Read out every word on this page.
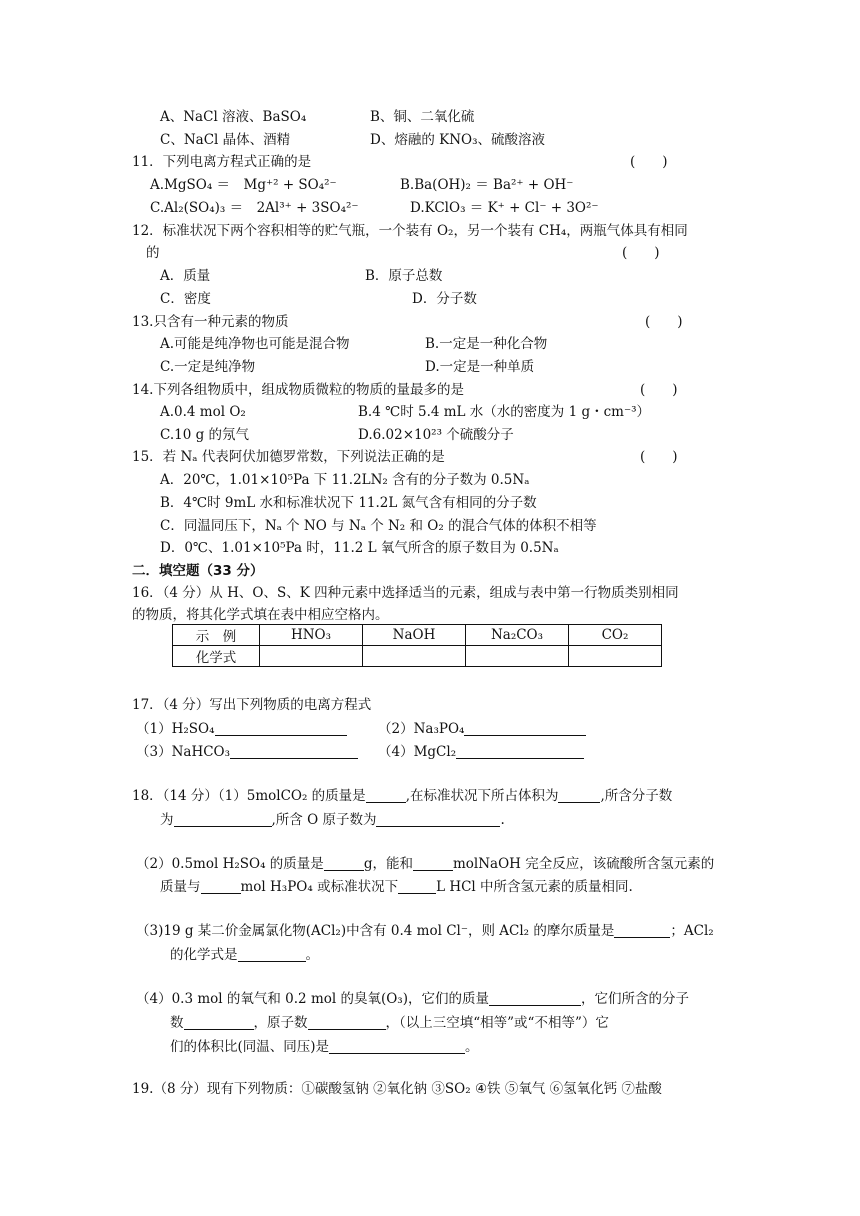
A、NaCl 溶液、BaSO₄	B、铜、二氧化硫
C、NaCl 晶体、酒精	D、熔融的 KNO₃、硫酸溶液
11．下列电离方程式正确的是	(　　)
A.MgSO₄ ＝　Mg⁺² + SO₄²⁻	B.Ba(OH)₂ ＝ Ba²⁺ + OH⁻
C.Al₂(SO₄)₃ ＝　2Al³⁺ + 3SO₄²⁻	D.KClO₃ ＝ K⁺ + Cl⁻ + 3O²⁻
12．标准状况下两个容积相等的贮气瓶，一个装有 O₂，另一个装有 CH₄，两瓶气体具有相同
的	(　　)
A．质量	B．原子总数
C．密度	D．分子数
13.只含有一种元素的物质	(　　)
A.可能是纯净物也可能是混合物	B.一定是一种化合物
C.一定是纯净物	D.一定是一种单质
14.下列各组物质中，组成物质微粒的物质的量最多的是	(　　)
A.0.4 mol O₂	B.4 ℃时 5.4 mL 水（水的密度为 1 g・cm⁻³）
C.10 g 的氖气	D.6.02×10²³ 个硫酸分子
15．若 Nₐ 代表阿伏加德罗常数，下列说法正确的是	(　　)
A．20℃，1.01×10⁵Pa 下 11.2LN₂ 含有的分子数为 0.5Nₐ
B．4℃时 9mL 水和标准状况下 11.2L 氮气含有相同的分子数
C．同温同压下，Nₐ 个 NO 与 Nₐ 个 N₂ 和 O₂ 的混合气体的体积不相等
D．0℃、1.01×10⁵Pa 时，11.2 L 氧气所含的原子数目为 0.5Nₐ
二．填空题（33 分）
16．（4 分）从 H、O、S、K 四种元素中选择适当的元素，组成与表中第一行物质类别相同
的物质，将其化学式填在表中相应空格内。
示　例	HNO₃	NaOH	Na₂CO₃	CO₂
化学式				
17．（4 分）写出下列物质的电离方程式
（1）H₂SO₄	（2）Na₃PO₄
（3）NaHCO₃	（4）MgCl₂
18．（14 分）（1）5molCO₂ 的质量是	,在标准状况下所占体积为	,所含分子数
为	,所含 O 原子数为	.
（2）0.5mol H₂SO₄ 的质量是	g，能和	molNaOH 完全反应，该硫酸所含氢元素的
质量与	mol H₃PO₄ 或标准状况下	L HCl 中所含氢元素的质量相同.
（3)19 g 某二价金属氯化物(ACl₂)中含有 0.4 mol Cl⁻，则 ACl₂ 的摩尔质量是	；ACl₂
的化学式是	。
（4）0.3 mol 的氧气和 0.2 mol 的臭氧(O₃)，它们的质量	，它们所含的分子
数	，原子数	，（以上三空填“相等”或“不相等”）它
们的体积比(同温、同压)是	。
19.（8 分）现有下列物质：①碳酸氢钠 ②氧化钠 ③SO₂ ④铁 ⑤氧气 ⑥氢氧化钙 ⑦盐酸
